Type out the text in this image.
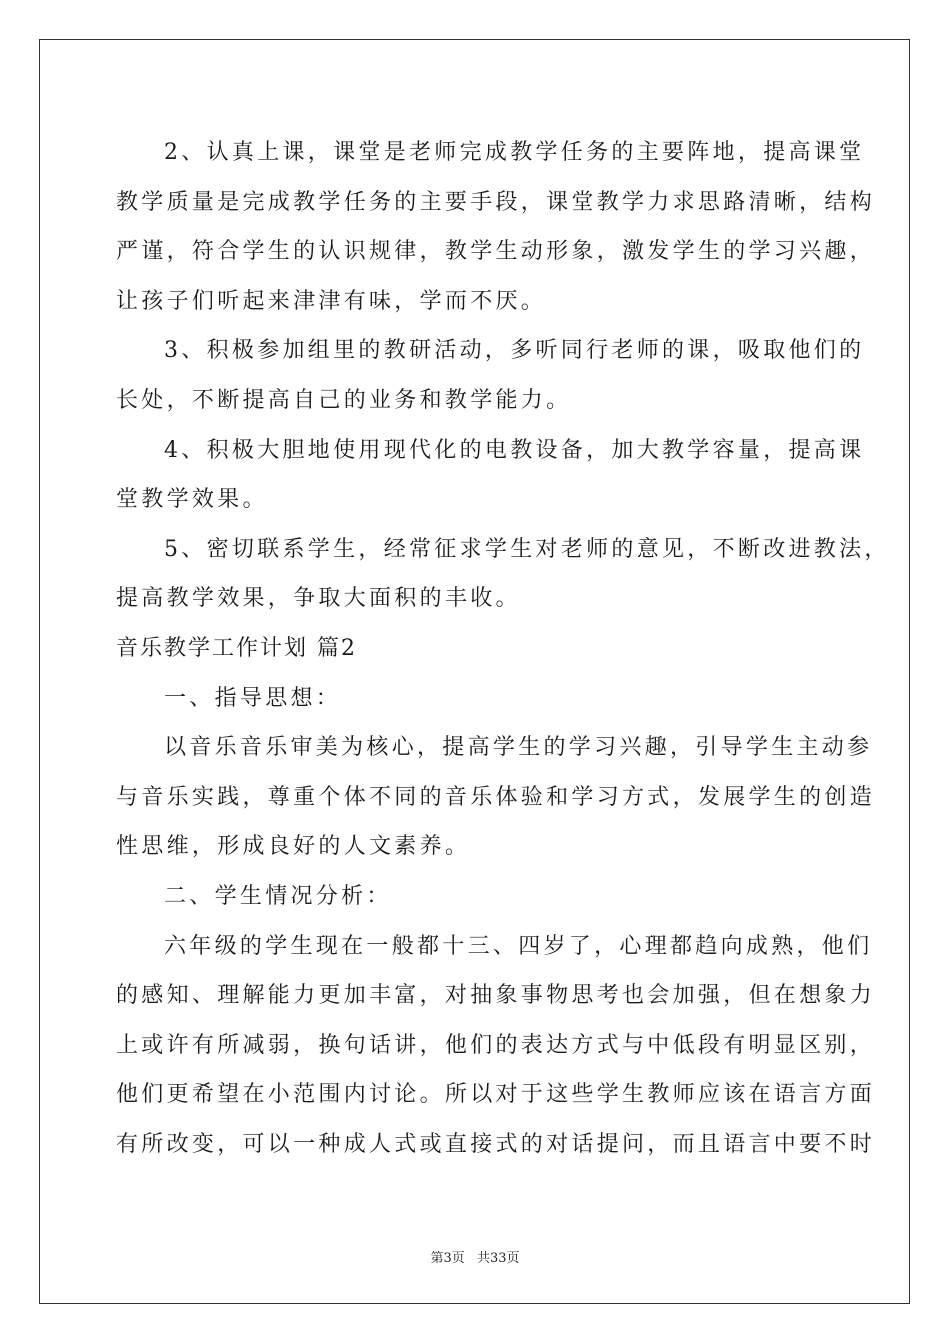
2、认真上课，课堂是老师完成教学任务的主要阵地，提高课堂
教学质量是完成教学任务的主要手段，课堂教学力求思路清晰，结构
严谨，符合学生的认识规律，教学生动形象，激发学生的学习兴趣，
让孩子们听起来津津有味，学而不厌。
3、积极参加组里的教研活动，多听同行老师的课，吸取他们的
长处，不断提高自己的业务和教学能力。
4、积极大胆地使用现代化的电教设备，加大教学容量，提高课
堂教学效果。
5、密切联系学生，经常征求学生对老师的意见，不断改进教法，
提高教学效果，争取大面积的丰收。
音乐教学工作计划 篇2
一、指导思想：
以音乐音乐审美为核心，提高学生的学习兴趣，引导学生主动参
与音乐实践，尊重个体不同的音乐体验和学习方式，发展学生的创造
性思维，形成良好的人文素养。
二、学生情况分析：
六年级的学生现在一般都十三、四岁了，心理都趋向成熟，他们
的感知、理解能力更加丰富，对抽象事物思考也会加强，但在想象力
上或许有所减弱，换句话讲，他们的表达方式与中低段有明显区别，
他们更希望在小范围内讨论。所以对于这些学生教师应该在语言方面
有所改变，可以一种成人式或直接式的对话提问，而且语言中要不时
第3页 共33页
